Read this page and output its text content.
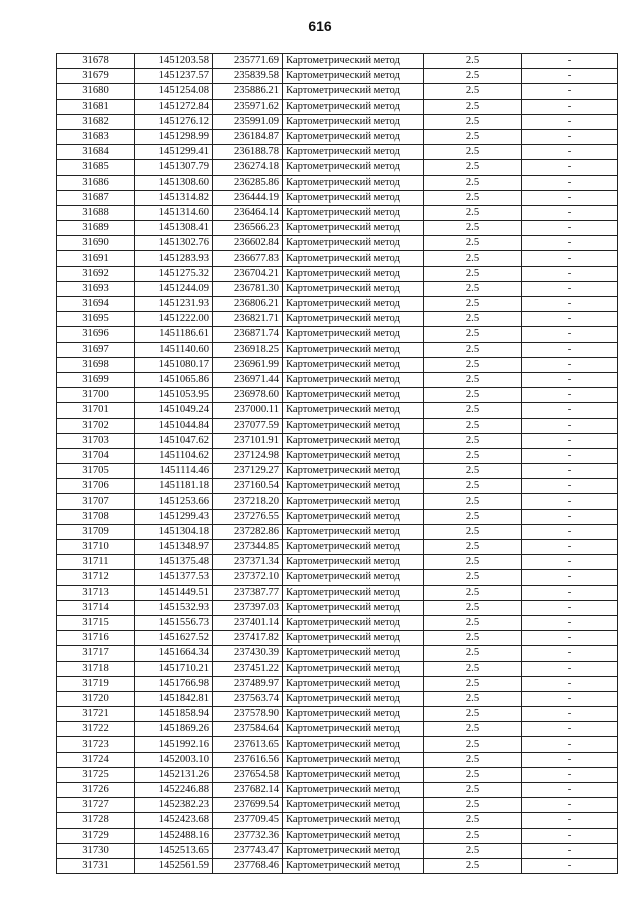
616
31678	1451203.58	235771.69	Картометрический метод	2.5	-
31679	1451237.57	235839.58	Картометрический метод	2.5	-
31680	1451254.08	235886.21	Картометрический метод	2.5	-
31681	1451272.84	235971.62	Картометрический метод	2.5	-
31682	1451276.12	235991.09	Картометрический метод	2.5	-
31683	1451298.99	236184.87	Картометрический метод	2.5	-
31684	1451299.41	236188.78	Картометрический метод	2.5	-
31685	1451307.79	236274.18	Картометрический метод	2.5	-
31686	1451308.60	236285.86	Картометрический метод	2.5	-
31687	1451314.82	236444.19	Картометрический метод	2.5	-
31688	1451314.60	236464.14	Картометрический метод	2.5	-
31689	1451308.41	236566.23	Картометрический метод	2.5	-
31690	1451302.76	236602.84	Картометрический метод	2.5	-
31691	1451283.93	236677.83	Картометрический метод	2.5	-
31692	1451275.32	236704.21	Картометрический метод	2.5	-
31693	1451244.09	236781.30	Картометрический метод	2.5	-
31694	1451231.93	236806.21	Картометрический метод	2.5	-
31695	1451222.00	236821.71	Картометрический метод	2.5	-
31696	1451186.61	236871.74	Картометрический метод	2.5	-
31697	1451140.60	236918.25	Картометрический метод	2.5	-
31698	1451080.17	236961.99	Картометрический метод	2.5	-
31699	1451065.86	236971.44	Картометрический метод	2.5	-
31700	1451053.95	236978.60	Картометрический метод	2.5	-
31701	1451049.24	237000.11	Картометрический метод	2.5	-
31702	1451044.84	237077.59	Картометрический метод	2.5	-
31703	1451047.62	237101.91	Картометрический метод	2.5	-
31704	1451104.62	237124.98	Картометрический метод	2.5	-
31705	1451114.46	237129.27	Картометрический метод	2.5	-
31706	1451181.18	237160.54	Картометрический метод	2.5	-
31707	1451253.66	237218.20	Картометрический метод	2.5	-
31708	1451299.43	237276.55	Картометрический метод	2.5	-
31709	1451304.18	237282.86	Картометрический метод	2.5	-
31710	1451348.97	237344.85	Картометрический метод	2.5	-
31711	1451375.48	237371.34	Картометрический метод	2.5	-
31712	1451377.53	237372.10	Картометрический метод	2.5	-
31713	1451449.51	237387.77	Картометрический метод	2.5	-
31714	1451532.93	237397.03	Картометрический метод	2.5	-
31715	1451556.73	237401.14	Картометрический метод	2.5	-
31716	1451627.52	237417.82	Картометрический метод	2.5	-
31717	1451664.34	237430.39	Картометрический метод	2.5	-
31718	1451710.21	237451.22	Картометрический метод	2.5	-
31719	1451766.98	237489.97	Картометрический метод	2.5	-
31720	1451842.81	237563.74	Картометрический метод	2.5	-
31721	1451858.94	237578.90	Картометрический метод	2.5	-
31722	1451869.26	237584.64	Картометрический метод	2.5	-
31723	1451992.16	237613.65	Картометрический метод	2.5	-
31724	1452003.10	237616.56	Картометрический метод	2.5	-
31725	1452131.26	237654.58	Картометрический метод	2.5	-
31726	1452246.88	237682.14	Картометрический метод	2.5	-
31727	1452382.23	237699.54	Картометрический метод	2.5	-
31728	1452423.68	237709.45	Картометрический метод	2.5	-
31729	1452488.16	237732.36	Картометрический метод	2.5	-
31730	1452513.65	237743.47	Картометрический метод	2.5	-
31731	1452561.59	237768.46	Картометрический метод	2.5	-
